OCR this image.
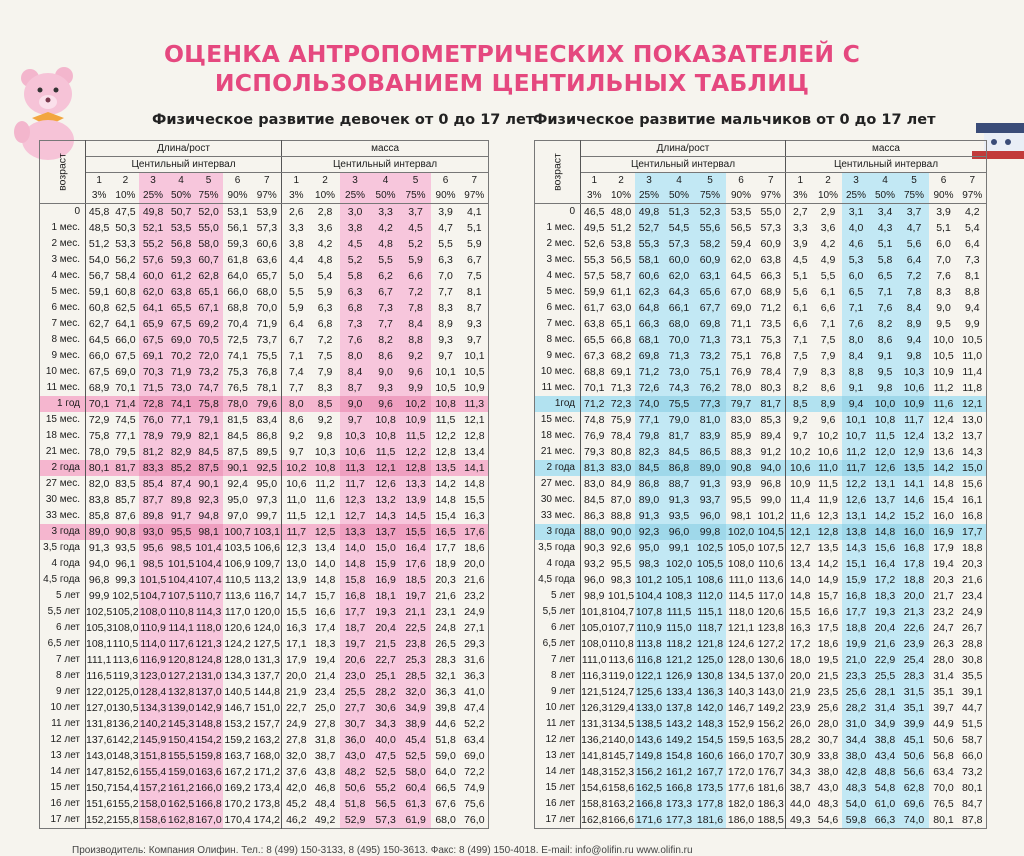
ОЦЕНКА АНТРОПОМЕТРИЧЕСКИХ ПОКАЗАТЕЛЕЙ С ИСПОЛЬЗОВАНИЕМ ЦЕНТИЛЬНЫХ ТАБЛИЦ
Физическое развитие девочек от 0 до 17 лет
Физическое развитие мальчиков от 0 до 17 лет
возраст	Длина/рост							масса						
	Центильный интервал							Центильный интервал						
	1	2	3	4	5	6	7	1	2	3	4	5	6	7
	3%	10%	25%	50%	75%	90%	97%	3%	10%	25%	50%	75%	90%	97%
0	45,8	47,5	49,8	50,7	52,0	53,1	53,9	2,6	2,8	3,0	3,3	3,7	3,9	4,1
1 мес.	48,5	50,3	52,1	53,5	55,0	56,1	57,3	3,3	3,6	3,8	4,2	4,5	4,7	5,1
2 мес.	51,2	53,3	55,2	56,8	58,0	59,3	60,6	3,8	4,2	4,5	4,8	5,2	5,5	5,9
3 мес.	54,0	56,2	57,6	59,3	60,7	61,8	63,6	4,4	4,8	5,2	5,5	5,9	6,3	6,7
4 мес.	56,7	58,4	60,0	61,2	62,8	64,0	65,7	5,0	5,4	5,8	6,2	6,6	7,0	7,5
5 мес.	59,1	60,8	62,0	63,8	65,1	66,0	68,0	5,5	5,9	6,3	6,7	7,2	7,7	8,1
6 мес.	60,8	62,5	64,1	65,5	67,1	68,8	70,0	5,9	6,3	6,8	7,3	7,8	8,3	8,7
7 мес.	62,7	64,1	65,9	67,5	69,2	70,4	71,9	6,4	6,8	7,3	7,7	8,4	8,9	9,3
8 мес.	64,5	66,0	67,5	69,0	70,5	72,5	73,7	6,7	7,2	7,6	8,2	8,8	9,3	9,7
9 мес.	66,0	67,5	69,1	70,2	72,0	74,1	75,5	7,1	7,5	8,0	8,6	9,2	9,7	10,1
10 мес.	67,5	69,0	70,3	71,9	73,2	75,3	76,8	7,4	7,9	8,4	9,0	9,6	10,1	10,5
11 мес.	68,9	70,1	71,5	73,0	74,7	76,5	78,1	7,7	8,3	8,7	9,3	9,9	10,5	10,9
1 год	70,1	71,4	72,8	74,1	75,8	78,0	79,6	8,0	8,5	9,0	9,6	10,2	10,8	11,3
15 мес.	72,9	74,5	76,0	77,1	79,1	81,5	83,4	8,6	9,2	9,7	10,8	10,9	11,5	12,1
18 мес.	75,8	77,1	78,9	79,9	82,1	84,5	86,8	9,2	9,8	10,3	10,8	11,5	12,2	12,8
21 мес.	78,0	79,5	81,2	82,9	84,5	87,5	89,5	9,7	10,3	10,6	11,5	12,2	12,8	13,4
2 года	80,1	81,7	83,3	85,2	87,5	90,1	92,5	10,2	10,8	11,3	12,1	12,8	13,5	14,1
27 мес.	82,0	83,5	85,4	87,4	90,1	92,4	95,0	10,6	11,2	11,7	12,6	13,3	14,2	14,8
30 мес.	83,8	85,7	87,7	89,8	92,3	95,0	97,3	11,0	11,6	12,3	13,2	13,9	14,8	15,5
33 мес.	85,8	87,6	89,8	91,7	94,8	97,0	99,7	11,5	12,1	12,7	14,3	14,5	15,4	16,3
3 года	89,0	90,8	93,0	95,5	98,1	100,7	103,1	11,7	12,5	13,3	13,7	15,5	16,5	17,6
3,5 года	91,3	93,5	95,6	98,5	101,4	103,5	106,6	12,3	13,4	14,0	15,0	16,4	17,7	18,6
4 года	94,0	96,1	98,5	101,5	104,4	106,9	109,7	13,0	14,0	14,8	15,9	17,6	18,9	20,0
4,5 года	96,8	99,3	101,5	104,4	107,4	110,5	113,2	13,9	14,8	15,8	16,9	18,5	20,3	21,6
5 лет	99,9	102,5	104,7	107,5	110,7	113,6	116,7	14,7	15,7	16,8	18,1	19,7	21,6	23,2
5,5 лет	102,5	105,2	108,0	110,8	114,3	117,0	120,0	15,5	16,6	17,7	19,3	21,1	23,1	24,9
6 лет	105,3	108,0	110,9	114,1	118,0	120,6	124,0	16,3	17,4	18,7	20,4	22,5	24,8	27,1
6,5 лет	108,1	110,5	114,0	117,6	121,3	124,2	127,5	17,1	18,3	19,7	21,5	23,8	26,5	29,3
7 лет	111,1	113,6	116,9	120,8	124,8	128,0	131,3	17,9	19,4	20,6	22,7	25,3	28,3	31,6
8 лет	116,5	119,3	123,0	127,2	131,0	134,3	137,7	20,0	21,4	23,0	25,1	28,5	32,1	36,3
9 лет	122,0	125,0	128,4	132,8	137,0	140,5	144,8	21,9	23,4	25,5	28,2	32,0	36,3	41,0
10 лет	127,0	130,5	134,3	139,0	142,9	146,7	151,0	22,7	25,0	27,7	30,6	34,9	39,8	47,4
11 лет	131,8	136,2	140,2	145,3	148,8	153,2	157,7	24,9	27,8	30,7	34,3	38,9	44,6	52,2
12 лет	137,6	142,2	145,9	150,4	154,2	159,2	163,2	27,8	31,8	36,0	40,0	45,4	51,8	63,4
13 лет	143,0	148,3	151,8	155,5	159,8	163,7	168,0	32,0	38,7	43,0	47,5	52,5	59,0	69,0
14 лет	147,8	152,6	155,4	159,0	163,6	167,2	171,2	37,6	43,8	48,2	52,5	58,0	64,0	72,2
15 лет	150,7	154,4	157,2	161,2	166,0	169,2	173,4	42,0	46,8	50,6	55,2	60,4	66,5	74,9
16 лет	151,6	155,2	158,0	162,5	166,8	170,2	173,8	45,2	48,4	51,8	56,5	61,3	67,6	75,6
17 лет	152,2	155,8	158,6	162,8	167,0	170,4	174,2	46,2	49,2	52,9	57,3	61,9	68,0	76,0
возраст	Длина/рост							масса						
	Центильный интервал							Центильный интервал						
	1	2	3	4	5	6	7	1	2	3	4	5	6	7
	3%	10%	25%	50%	75%	90%	97%	3%	10%	25%	50%	75%	90%	97%
0	46,5	48,0	49,8	51,3	52,3	53,5	55,0	2,7	2,9	3,1	3,4	3,7	3,9	4,2
1 мес.	49,5	51,2	52,7	54,5	55,6	56,5	57,3	3,3	3,6	4,0	4,3	4,7	5,1	5,4
2 мес.	52,6	53,8	55,3	57,3	58,2	59,4	60,9	3,9	4,2	4,6	5,1	5,6	6,0	6,4
3 мес.	55,3	56,5	58,1	60,0	60,9	62,0	63,8	4,5	4,9	5,3	5,8	6,4	7,0	7,3
4 мес.	57,5	58,7	60,6	62,0	63,1	64,5	66,3	5,1	5,5	6,0	6,5	7,2	7,6	8,1
5 мес.	59,9	61,1	62,3	64,3	65,6	67,0	68,9	5,6	6,1	6,5	7,1	7,8	8,3	8,8
6 мес.	61,7	63,0	64,8	66,1	67,7	69,0	71,2	6,1	6,6	7,1	7,6	8,4	9,0	9,4
7 мес.	63,8	65,1	66,3	68,0	69,8	71,1	73,5	6,6	7,1	7,6	8,2	8,9	9,5	9,9
8 мес.	65,5	66,8	68,1	70,0	71,3	73,1	75,3	7,1	7,5	8,0	8,6	9,4	10,0	10,5
9 мес.	67,3	68,2	69,8	71,3	73,2	75,1	76,8	7,5	7,9	8,4	9,1	9,8	10,5	11,0
10 мес.	68,8	69,1	71,2	73,0	75,1	76,9	78,4	7,9	8,3	8,8	9,5	10,3	10,9	11,4
11 мес.	70,1	71,3	72,6	74,3	76,2	78,0	80,3	8,2	8,6	9,1	9,8	10,6	11,2	11,8
1год	71,2	72,3	74,0	75,5	77,3	79,7	81,7	8,5	8,9	9,4	10,0	10,9	11,6	12,1
15 мес.	74,8	75,9	77,1	79,0	81,0	83,0	85,3	9,2	9,6	10,1	10,8	11,7	12,4	13,0
18 мес.	76,9	78,4	79,8	81,7	83,9	85,9	89,4	9,7	10,2	10,7	11,5	12,4	13,2	13,7
21 мес.	79,3	80,8	82,3	84,5	86,5	88,3	91,2	10,2	10,6	11,2	12,0	12,9	13,6	14,3
2 года	81,3	83,0	84,5	86,8	89,0	90,8	94,0	10,6	11,0	11,7	12,6	13,5	14,2	15,0
27 мес.	83,0	84,9	86,8	88,7	91,3	93,9	96,8	10,9	11,5	12,2	13,1	14,1	14,8	15,6
30 мес.	84,5	87,0	89,0	91,3	93,7	95,5	99,0	11,4	11,9	12,6	13,7	14,6	15,4	16,1
33 мес.	86,3	88,8	91,3	93,5	96,0	98,1	101,2	11,6	12,3	13,1	14,2	15,2	16,0	16,8
3 года	88,0	90,0	92,3	96,0	99,8	102,0	104,5	12,1	12,8	13,8	14,8	16,0	16,9	17,7
3,5 года	90,3	92,6	95,0	99,1	102,5	105,0	107,5	12,7	13,5	14,3	15,6	16,8	17,9	18,8
4 года	93,2	95,5	98,3	102,0	105,5	108,0	110,6	13,4	14,2	15,1	16,4	17,8	19,4	20,3
4,5 года	96,0	98,3	101,2	105,1	108,6	111,0	113,6	14,0	14,9	15,9	17,2	18,8	20,3	21,6
5 лет	98,9	101,5	104,4	108,3	112,0	114,5	117,0	14,8	15,7	16,8	18,3	20,0	21,7	23,4
5,5 лет	101,8	104,7	107,8	111,5	115,1	118,0	120,6	15,5	16,6	17,7	19,3	21,3	23,2	24,9
6 лет	105,0	107,7	110,9	115,0	118,7	121,1	123,8	16,3	17,5	18,8	20,4	22,6	24,7	26,7
6,5 лет	108,0	110,8	113,8	118,2	121,8	124,6	127,2	17,2	18,6	19,9	21,6	23,9	26,3	28,8
7 лет	111,0	113,6	116,8	121,2	125,0	128,0	130,6	18,0	19,5	21,0	22,9	25,4	28,0	30,8
8 лет	116,3	119,0	122,1	126,9	130,8	134,5	137,0	20,0	21,5	23,3	25,5	28,3	31,4	35,5
9 лет	121,5	124,7	125,6	133,4	136,3	140,3	143,0	21,9	23,5	25,6	28,1	31,5	35,1	39,1
10 лет	126,3	129,4	133,0	137,8	142,0	146,7	149,2	23,9	25,6	28,2	31,4	35,1	39,7	44,7
11 лет	131,3	134,5	138,5	143,2	148,3	152,9	156,2	26,0	28,0	31,0	34,9	39,9	44,9	51,5
12 лет	136,2	140,0	143,6	149,2	154,5	159,5	163,5	28,2	30,7	34,4	38,8	45,1	50,6	58,7
13 лет	141,8	145,7	149,8	154,8	160,6	166,0	170,7	30,9	33,8	38,0	43,4	50,6	56,8	66,0
14 лет	148,3	152,3	156,2	161,2	167,7	172,0	176,7	34,3	38,0	42,8	48,8	56,6	63,4	73,2
15 лет	154,6	158,6	162,5	166,8	173,5	177,6	181,6	38,7	43,0	48,3	54,8	62,8	70,0	80,1
16 лет	158,8	163,2	166,8	173,3	177,8	182,0	186,3	44,0	48,3	54,0	61,0	69,6	76,5	84,7
17 лет	162,8	166,6	171,6	177,3	181,6	186,0	188,5	49,3	54,6	59,8	66,3	74,0	80,1	87,8
Производитель: Компания Олифин. Тел.: 8 (499) 150-3133, 8 (495) 150-3613. Факс: 8 (499) 150-4018. E-mail: info@olifin.ru www.olifin.ru
